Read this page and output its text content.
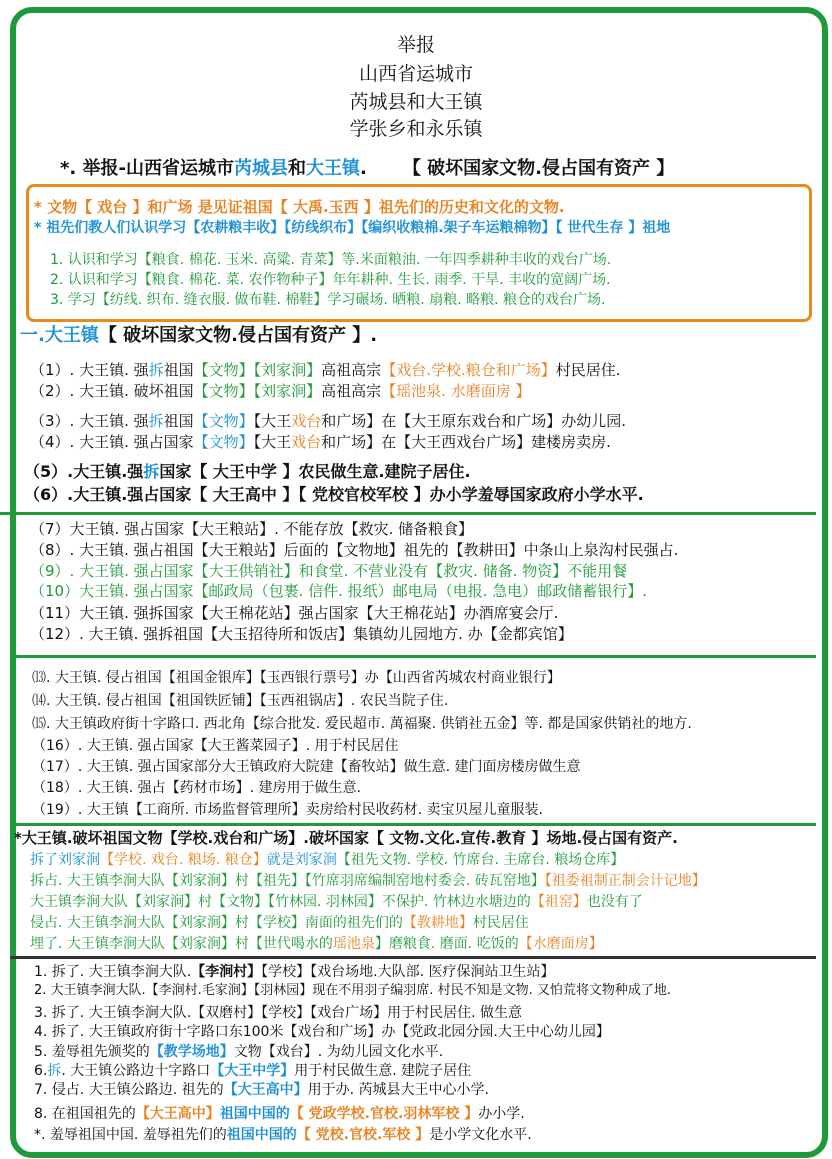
举报
山西省运城市
芮城县和大王镇
学张乡和永乐镇
*. 举报-山西省运城市芮城县和大王镇. 【 破坏国家文物.侵占国有资产 】
* 文物【 戏台 】和广场 是见证祖国【 大禹.玉西 】祖先们的历史和文化的文物.
* 祖先们教人们认识学习【农耕粮丰收】【纺线织布】【编织收粮棉.架子车运粮棉物】【 世代生存 】祖地
1. 认识和学习【粮食. 棉花. 玉米. 高粱. 青菜】等.米面粮油. 一年四季耕种丰收的戏台广场.
2. 认识和学习【粮食. 棉花. 菜. 农作物种子】年年耕种. 生长. 雨季. 干旱. 丰收的宽阔广场.
3. 学习【纺线. 织布. 缝衣服. 做布鞋. 棉鞋】学习碾场. 晒粮. 扇粮. 略粮. 粮仓的戏台广场.
一.大王镇【 破坏国家文物.侵占国有资产 】.
（1）. 大王镇. 强拆祖国【文物】【刘家涧】高祖高宗【戏台.学校.粮仓和广场】村民居住.
（2）. 大王镇. 破坏祖国【文物】【刘家涧】高祖高宗【瑶池泉. 水磨面房 】
（3）. 大王镇. 强拆祖国【文物】【大王戏台和广场】在【大王原东戏台和广场】办幼儿园.
（4）. 大王镇. 强占国家【文物】【大王戏台和广场】在【大王西戏台广场】建楼房卖房.
（5）.大王镇.强拆国家【 大王中学 】农民做生意.建院子居住.
（6）.大王镇.强占国家【 大王高中 】【 党校官校军校 】办小学羞辱国家政府小学水平.
（7）大王镇. 强占国家【大王粮站】. 不能存放【救灾. 储备粮食】
（8）. 大王镇. 强占祖国【大王粮站】后面的【文物地】祖先的【教耕田】中条山上泉沟村民强占.
（9）. 大王镇. 强占国家【大王供销社】和食堂. 不营业没有【救灾. 储备. 物资】不能用餐
（10）大王镇. 强占国家【邮政局（包裹. 信件. 报纸）邮电局（电报. 急电）邮政储蓄银行】.
（11）大王镇. 强拆国家【大王棉花站】强占国家【大王棉花站】办酒席宴会厅.
（12）. 大王镇. 强拆祖国【大玉招待所和饭店】集镇幼儿园地方. 办【金都宾馆】
⒀. 大王镇. 侵占祖国【祖国金银库】【玉西银行票号】办【山西省芮城农村商业银行】
⒁. 大王镇. 侵占祖国【祖国铁匠铺】【玉西祖锅店】. 农民当院子住.
⒂. 大王镇政府街十字路口. 西北角【综合批发. 爱民超市. 萬福聚. 供销社五金】等. 都是国家供销社的地方.
（16）. 大王镇. 强占国家【大王酱菜园子】. 用于村民居住
（17）. 大王镇. 强占国家部分大王镇政府大院建【畜牧站】做生意. 建门面房楼房做生意
（18）. 大王镇. 强占【药材市场】. 建房用于做生意.
（19）. 大王镇【工商所. 市场监督管理所】卖房给村民收药材. 卖宝贝屋儿童服装.
*大王镇.破坏祖国文物【学校.戏台和广场】.破坏国家【 文物.文化.宣传.教育 】场地.侵占国有资产.
拆了刘家涧【学校. 戏台. 粮场. 粮仓】就是刘家涧【祖先文物. 学校. 竹席台. 主席台. 粮场仓库】
拆占. 大王镇李涧大队【刘家涧】村【祖先】【竹席羽席编制窑地村委会. 砖瓦窑地】【祖委祖制正制会计记地】
大王镇李涧大队【刘家涧】村【文物】【竹林园. 羽林园】不保护. 竹林边水塘边的【祖窑】也没有了
侵占. 大王镇李涧大队【刘家涧】村【学校】南面的祖先们的【教耕地】村民居住
埋了. 大王镇李涧大队【刘家涧】村【世代喝水的瑶池泉】磨粮食. 磨面. 吃饭的【水磨面房】
1. 拆了. 大王镇李涧大队.【李涧村】【学校】【戏台场地.大队部. 医疗保涧站卫生站】
2. 大王镇李涧大队.【李涧村.毛家涧】【羽林园】现在不用羽子编羽席. 村民不知是文物. 又怕荒将文物种成了地.
3. 拆了. 大王镇李涧大队.【双磨村】【学校】【戏台广场】用于村民居住. 做生意
4. 拆了. 大王镇政府街十字路口东100米【戏台和广场】办【党政北园分园.大王中心幼儿园】
5. 羞辱祖先颁奖的【教学场地】文物【戏台】. 为幼儿园文化水平.
6.拆. 大王镇公路边十字路口【大王中学】用于村民做生意. 建院子居住
7. 侵占. 大王镇公路边. 祖先的【大王高中】用于办. 芮城县大王中心小学.
8. 在祖国祖先的【大王高中】祖国中国的【 党政学校.官校.羽林军校 】办小学.
*. 羞辱祖国中国. 羞辱祖先们的祖国中国的【 党校.官校.军校 】是小学文化水平.
